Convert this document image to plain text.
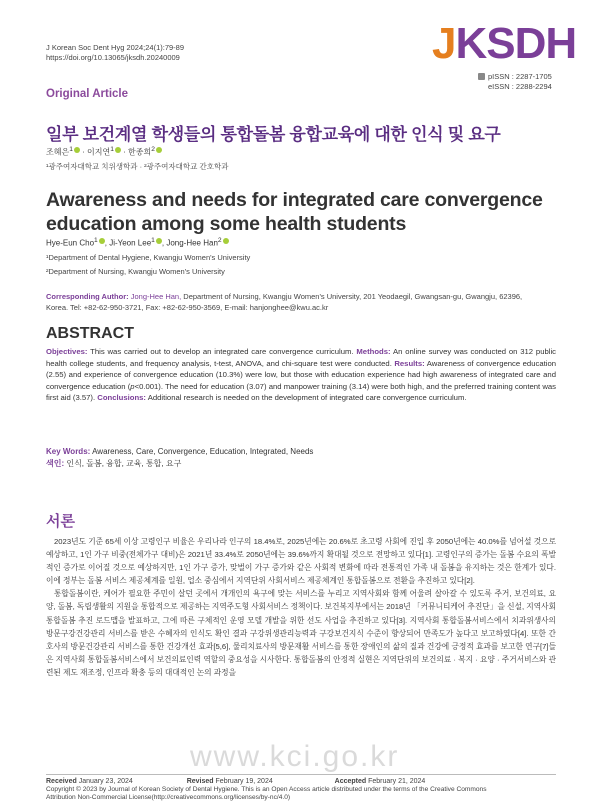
J Korean Soc Dent Hyg 2024;24(1):79-89
https://doi.org/10.13065/jksdh.20240009	JKSDH
pISSN : 2287-1705
eISSN : 2288-2294
Original Article
일부 보건계열 학생들의 통합돌봄 융합교육에 대한 인식 및 요구
조혜은$^1$ · 이지연$^1$ · 한종희$^2$
¹광주여자대학교 치위생학과 · ²광주여자대학교 간호학과
Awareness and needs for integrated care convergence
education among some health students
Hye-Eun Cho$^1$ , Ji-Yeon Lee$^1$ , Jong-Hee Han$^2$
¹Department of Dental Hygiene, Kwangju Women's University
²Department of Nursing, Kwangju Women's University
Corresponding Author: Jong-Hee Han, Department of Nursing, Kwangju Women's University, 201 Yeodaegil, Gwangsan-gu, Gwangju, 62396,
Korea. Tel: +82-62-950-3721, Fax: +82-62-950-3569, E-mail: hanjonghee@kwu.ac.kr
ABSTRACT
Objectives: This was carried out to develop an integrated care convergence curriculum. Methods: An online survey was conducted on 312 public health college students, and frequency analysis, t-test, ANOVA, and chi-square test were conducted. Results: Awareness of convergence education (2.55) and experience of convergence education (10.3%) were low, but those with education experience had high awareness of integrated care and convergence education (p<0.001). The need for education (3.07) and manpower training (3.14) were both high, and the preferred training content was first aid (3.57). Conclusions: Additional research is needed on the development of integrated care convergence curriculum.
Key Words: Awareness, Care, Convergence, Education, Integrated, Needs
색인: 인식, 돌봄, 융합, 교육, 통합, 요구
서론

2023년도 기준 65세 이상 고령인구 비율은 우리나라 인구의 18.4%로, 2025년에는 20.6%로 초고령 사회에 진입 후 2050년에는 40.0%를 넘어설 것으로 예상하고, 1인 가구 비중(전체가구 대비)은 2021년 33.4%로 2050년에는 39.6%까지 확대될 것으로 전망하고 있다[1]. 고령인구의 증가는 돌봄 수요의 폭발적인 증가로 이어질 것으로 예상하지만, 1인 가구 증가, 맞벌이 가구 증가와 같은 사회적 변화에 따라 전통적인 가족 내 돌봄을 유지하는 것은 한계가 있다. 이에 정부는 돌봄 서비스 제공체계를 일원, 업소 중심에서 지역단위 사회서비스 제공체계인 통합돌봄으로 전환을 추진하고 있다[2].

통합돌봄이란, 케어가 필요한 주민이 살던 곳에서 개개인의 욕구에 맞는 서비스를 누리고 지역사회와 함께 어울려 살아갈 수 있도록 주거, 보건의료, 요양, 돌봄, 독립생활의 지원을 통합적으로 제공하는 지역주도형 사회서비스 정책이다. 보건복지부에서는 2018년 「커뮤니티케어 추진단」을 신설, 지역사회 통합돌봄 추진 로드맵을 발표하고, 그에 따른 구체적인 운영 모델 개발을 위한 선도 사업을 추진하고 있다[3]. 지역사회 통합돌봄서비스에서 치과위생사의 방문구강건강관리 서비스를 받은 수혜자의 인식도 확인 결과 구강위생관리능력과 구강보건지식 수준이 향상되어 만족도가 높다고 보고하였다[4]. 또한 간호사의 방문건강관리 서비스를 통한 건강개선 효과[5,6], 물리치료사의 방문재활 서비스를 통한 장애인의 삶의 질과 건강에 긍정적 효과를 보고한 연구[7]들은 지역사회 통합돌봄서비스에서 보건의료인력 역할의 중요성을 시사한다. 통합돌봄의 안정적 실현은 지역단위의 보건의료 · 복지 · 요양 · 주거서비스와 관련된 제도 재조정, 인프라 확충 등의 대대적인 논의 과정을

www.kci.go.kr
Received January 23, 2024	Revised February 19, 2024	Accepted February 21, 2024
Copyright © 2023 by Journal of Korean Society of Dental Hygiene. This is an Open Access article distributed under the terms of the Creative Commons
Attribution Non-Commercial License(http://creativecommons.org/licenses/by-nc/4.0)
